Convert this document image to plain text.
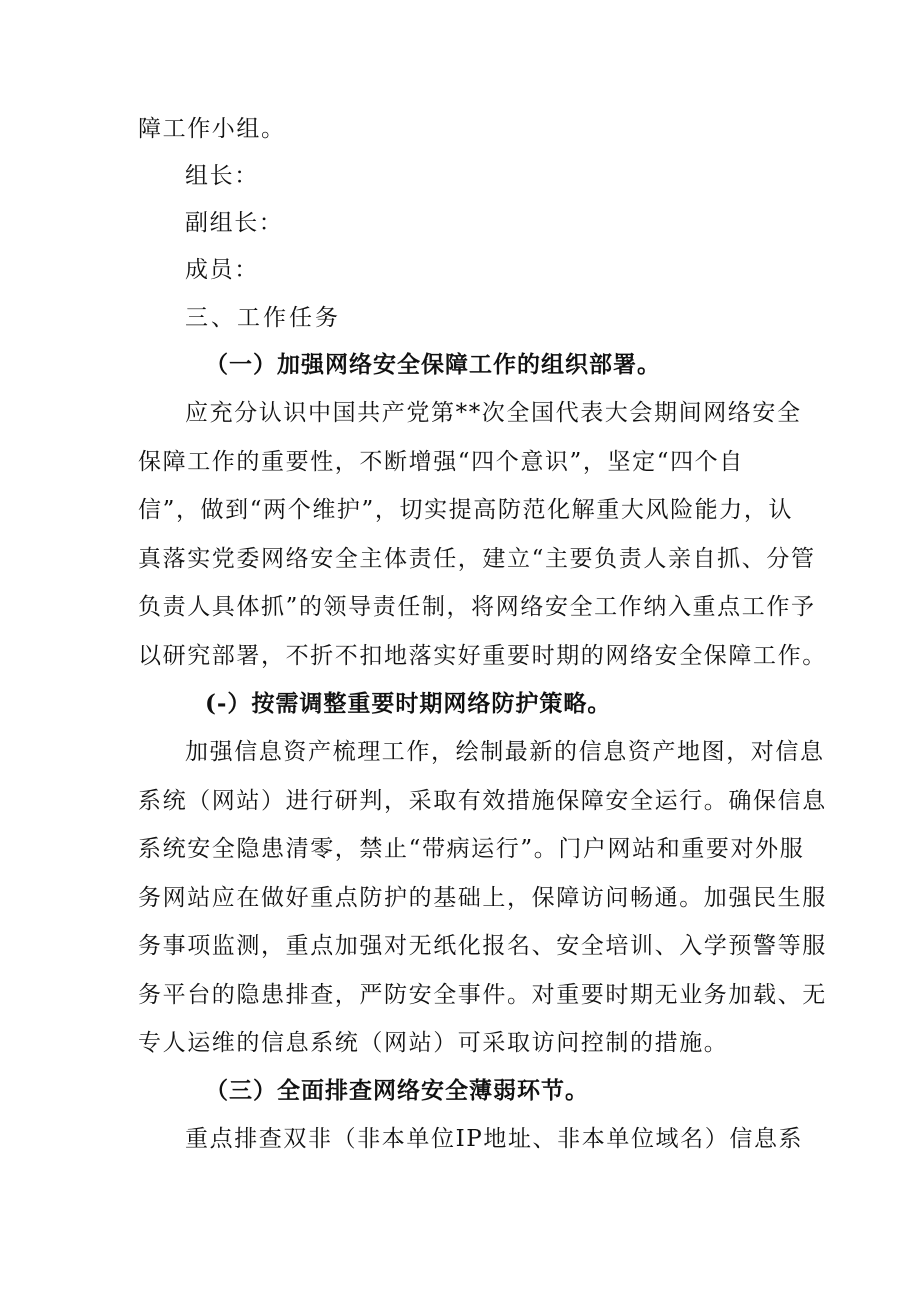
障工作小组。
组长：
副组长：
成员：
三、工作任务
（一）加强网络安全保障工作的组织部署。
应充分认识中国共产党第**次全国代表大会期间网络安全
保障工作的重要性，不断增强“四个意识”，坚定“四个自
信”，做到“两个维护”，切实提高防范化解重大风险能力，认
真落实党委网络安全主体责任，建立“主要负责人亲自抓、分管
负责人具体抓”的领导责任制，将网络安全工作纳入重点工作予
以研究部署，不折不扣地落实好重要时期的网络安全保障工作。
(-）按需调整重要时期网络防护策略。
加强信息资产梳理工作，绘制最新的信息资产地图，对信息
系统（网站）进行研判，采取有效措施保障安全运行。确保信息
系统安全隐患清零，禁止“带病运行”。门户网站和重要对外服
务网站应在做好重点防护的基础上，保障访问畅通。加强民生服
务事项监测，重点加强对无纸化报名、安全培训、入学预警等服
务平台的隐患排查，严防安全事件。对重要时期无业务加载、无
专人运维的信息系统（网站）可采取访问控制的措施。
（三）全面排查网络安全薄弱环节。
重点排查双非（非本单位IP地址、非本单位域名）信息系
